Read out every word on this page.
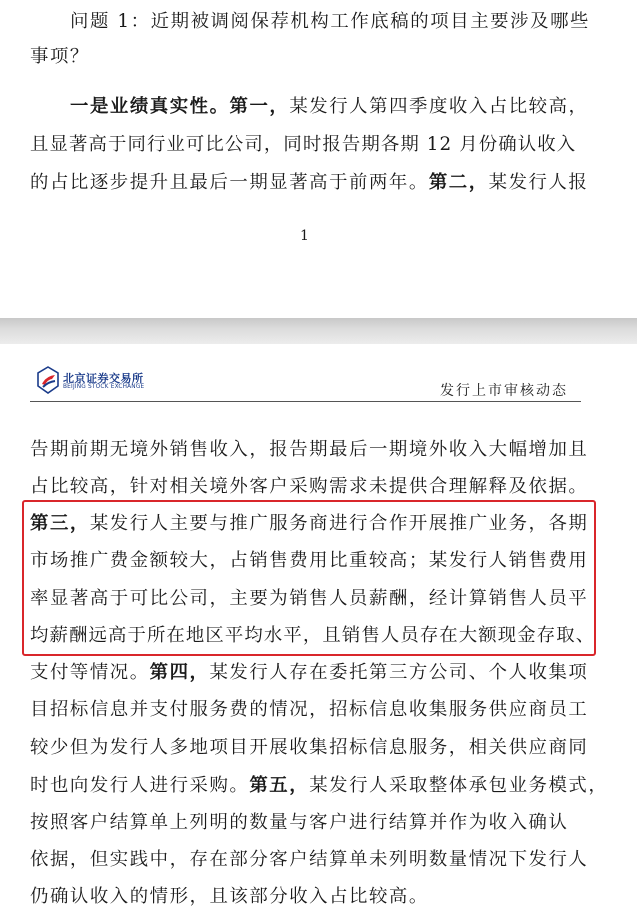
问题 1：近期被调阅保荐机构工作底稿的项目主要涉及哪些
事项？
一是业绩真实性。第一，某发行人第四季度收入占比较高，
且显著高于同行业可比公司，同时报告期各期 12 月份确认收入
的占比逐步提升且最后一期显著高于前两年。第二，某发行人报
1
北京证券交易所
BEIJING STOCK EXCHANGE	发行上市审核动态
告期前期无境外销售收入，报告期最后一期境外收入大幅增加且
占比较高，针对相关境外客户采购需求未提供合理解释及依据。
第三，某发行人主要与推广服务商进行合作开展推广业务，各期
市场推广费金额较大，占销售费用比重较高；某发行人销售费用
率显著高于可比公司，主要为销售人员薪酬，经计算销售人员平
均薪酬远高于所在地区平均水平，且销售人员存在大额现金存取、
支付等情况。第四，某发行人存在委托第三方公司、个人收集项
目招标信息并支付服务费的情况，招标信息收集服务供应商员工
较少但为发行人多地项目开展收集招标信息服务，相关供应商同
时也向发行人进行采购。第五，某发行人采取整体承包业务模式，
按照客户结算单上列明的数量与客户进行结算并作为收入确认
依据，但实践中，存在部分客户结算单未列明数量情况下发行人
仍确认收入的情形，且该部分收入占比较高。
